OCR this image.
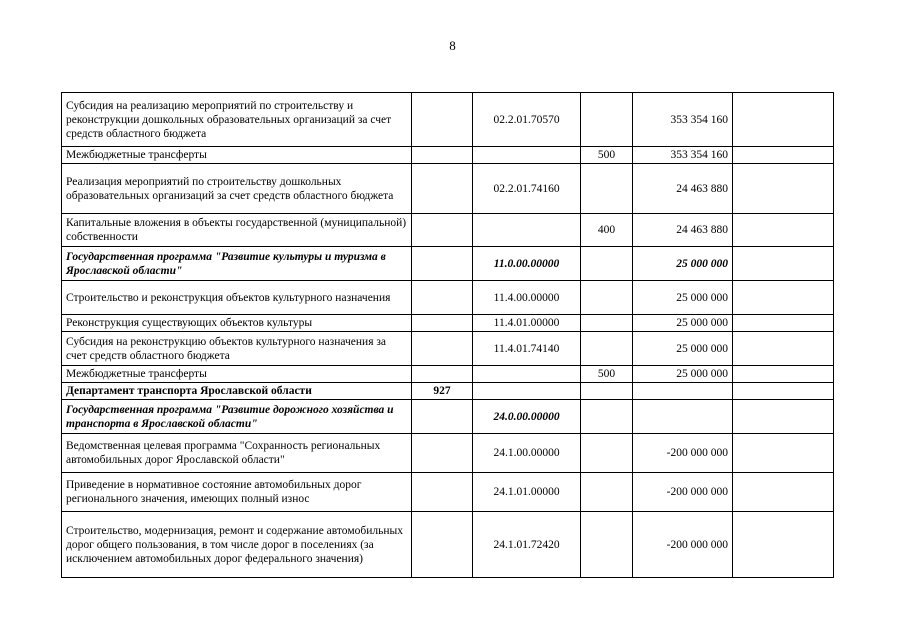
8
Субсидия на реализацию мероприятий по строительству и реконструкции дошкольных образовательных организаций за счет средств областного бюджета		02.2.01.70570		353 354 160	
Межбюджетные трансферты			500	353 354 160	
Реализация мероприятий по строительству дошкольных образовательных организаций за счет средств областного бюджета		02.2.01.74160		24 463 880	
Капитальные вложения в объекты государственной (муниципальной) собственности			400	24 463 880	
Государственная программа "Развитие культуры и туризма в Ярославской области"		11.0.00.00000		25 000 000	
Строительство и реконструкция объектов культурного назначения		11.4.00.00000		25 000 000	
Реконструкция существующих объектов культуры		11.4.01.00000		25 000 000	
Субсидия на реконструкцию объектов культурного назначения за счет средств областного бюджета		11.4.01.74140		25 000 000	
Межбюджетные трансферты			500	25 000 000	
Департамент транспорта Ярославской области	927				
Государственная программа "Развитие дорожного хозяйства и транспорта в Ярославской области"		24.0.00.00000			
Ведомственная целевая программа "Сохранность региональных автомобильных дорог Ярославской области"		24.1.00.00000		-200 000 000	
Приведение в нормативное состояние автомобильных дорог регионального значения, имеющих полный износ		24.1.01.00000		-200 000 000	
Строительство, модернизация, ремонт и содержание автомобильных дорог общего пользования, в том числе дорог в поселениях (за исключением автомобильных дорог федерального значения)		24.1.01.72420		-200 000 000	
